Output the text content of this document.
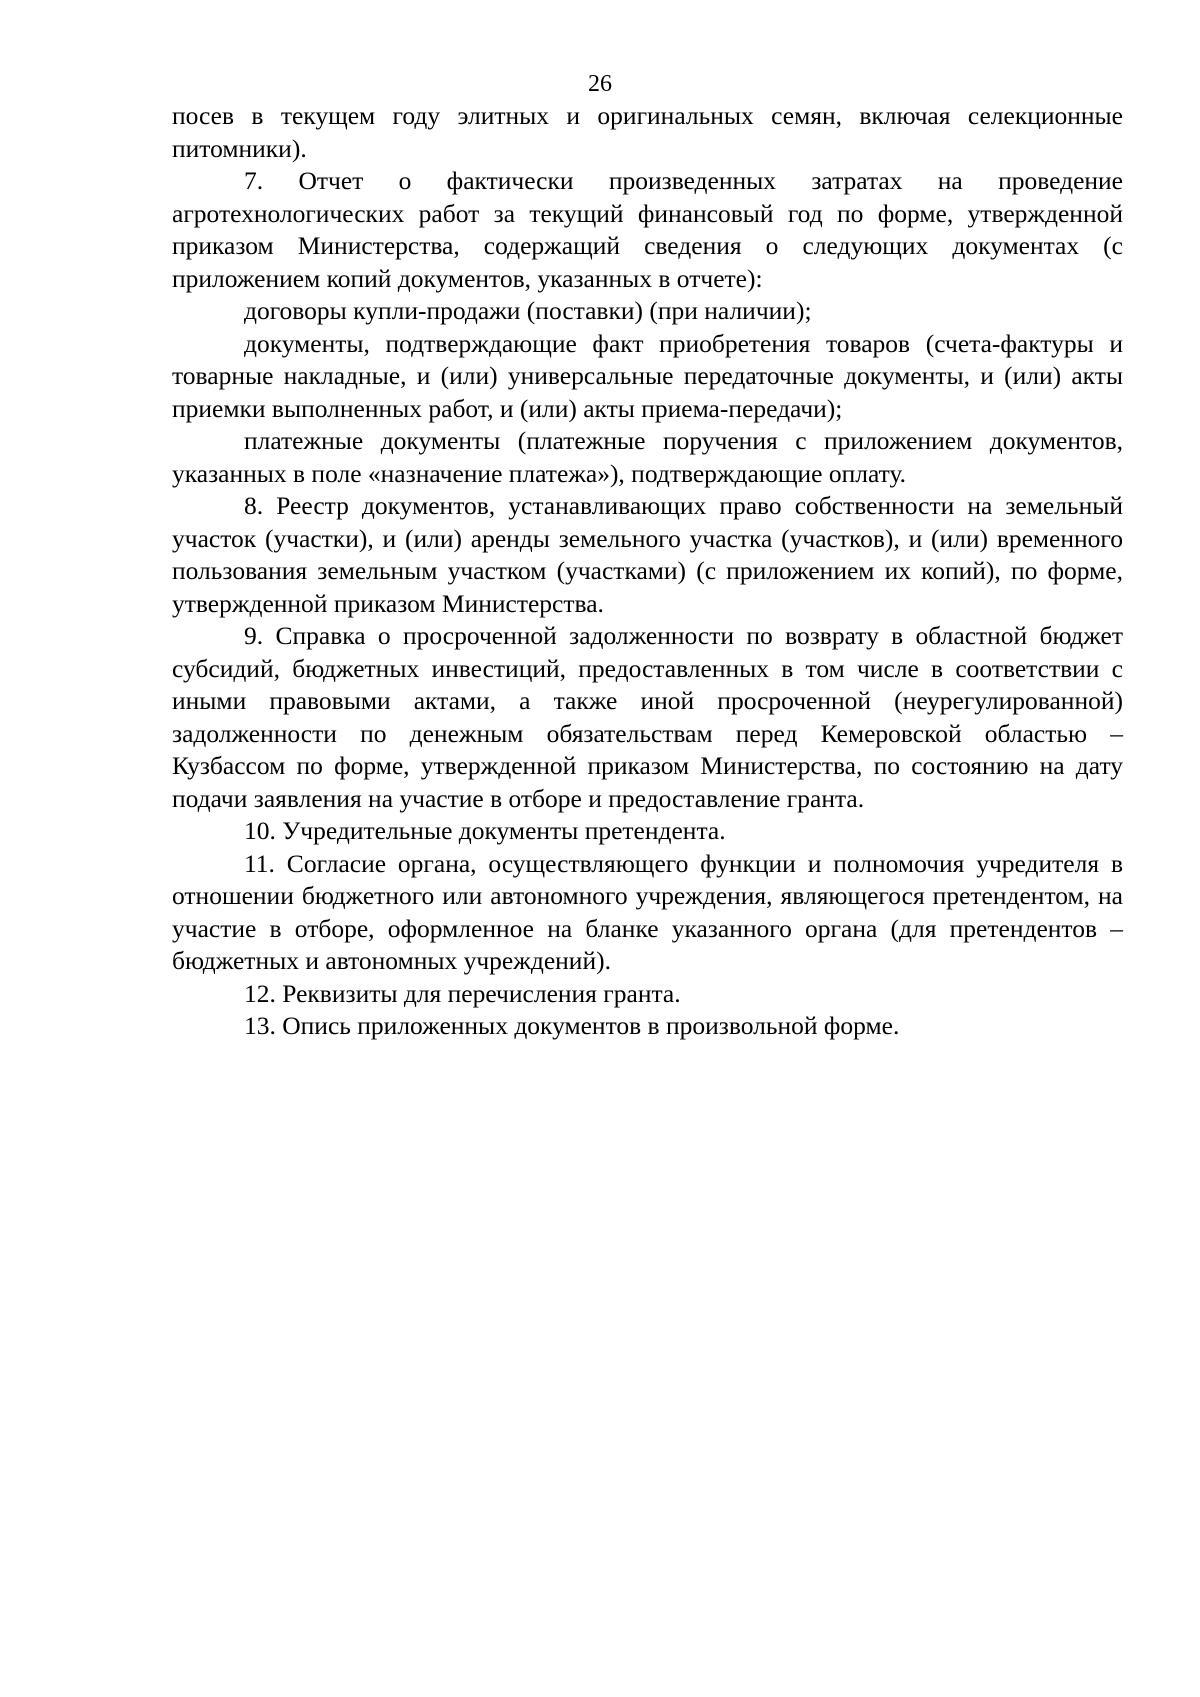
26

посев в текущем году элитных и оригинальных семян, включая селекционные питомники).

7. Отчет о фактически произведенных затратах на проведение агротехнологических работ за текущий финансовый год по форме, утвержденной приказом Министерства, содержащий сведения о следующих документах (с приложением копий документов, указанных в отчете):

договоры купли-продажи (поставки) (при наличии);

документы, подтверждающие факт приобретения товаров (счета-фактуры и товарные накладные, и (или) универсальные передаточные документы, и (или) акты приемки выполненных работ, и (или) акты приема-передачи);

платежные документы (платежные поручения с приложением документов, указанных в поле «назначение платежа»), подтверждающие оплату.

8. Реестр документов, устанавливающих право собственности на земельный участок (участки), и (или) аренды земельного участка (участков), и (или) временного пользования земельным участком (участками) (с приложением их копий), по форме, утвержденной приказом Министерства.

9. Справка о просроченной задолженности по возврату в областной бюджет субсидий, бюджетных инвестиций, предоставленных в том числе в соответствии с иными правовыми актами, а также иной просроченной (неурегулированной) задолженности по денежным обязательствам перед Кемеровской областью – Кузбассом по форме, утвержденной приказом Министерства, по состоянию на дату подачи заявления на участие в отборе и предоставление гранта.

10. Учредительные документы претендента.

11. Согласие органа, осуществляющего функции и полномочия учредителя в отношении бюджетного или автономного учреждения, являющегося претендентом, на участие в отборе, оформленное на бланке указанного органа (для претендентов – бюджетных и автономных учреждений).

12. Реквизиты для перечисления гранта.

13. Опись приложенных документов в произвольной форме.
